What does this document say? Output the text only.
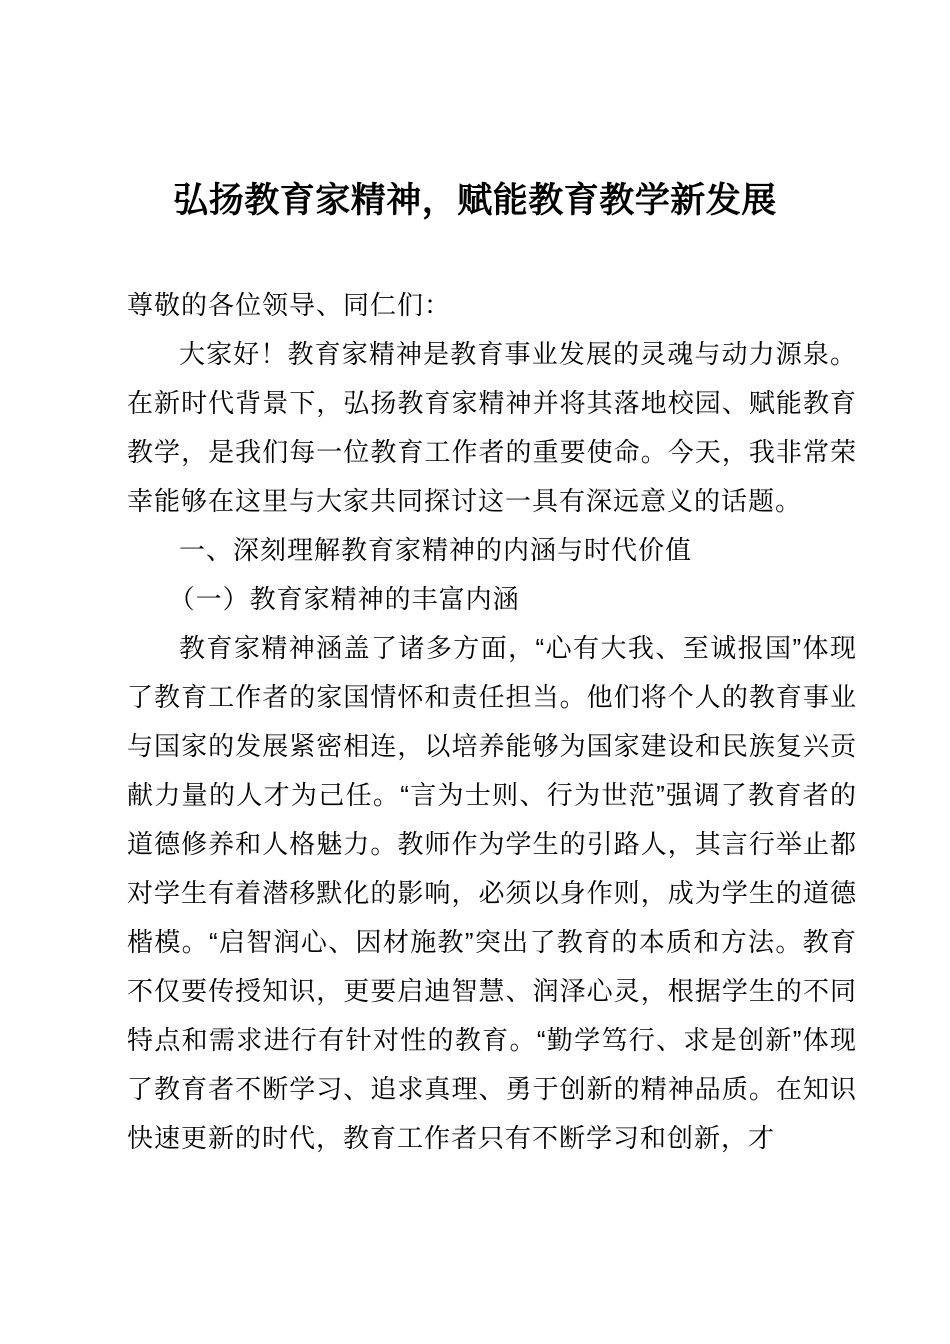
弘扬教育家精神，赋能教育教学新发展

尊敬的各位领导、同仁们：

大家好！教育家精神是教育事业发展的灵魂与动力源泉。在新时代背景下，弘扬教育家精神并将其落地校园、赋能教育教学，是我们每一位教育工作者的重要使命。今天，我非常荣幸能够在这里与大家共同探讨这一具有深远意义的话题。

一、深刻理解教育家精神的内涵与时代价值

（一）教育家精神的丰富内涵

教育家精神涵盖了诸多方面，“心有大我、至诚报国”体现了教育工作者的家国情怀和责任担当。他们将个人的教育事业与国家的发展紧密相连，以培养能够为国家建设和民族复兴贡献力量的人才为己任。“言为士则、行为世范”强调了教育者的道德修养和人格魅力。教师作为学生的引路人，其言行举止都对学生有着潜移默化的影响，必须以身作则，成为学生的道德楷模。“启智润心、因材施教”突出了教育的本质和方法。教育不仅要传授知识，更要启迪智慧、润泽心灵，根据学生的不同特点和需求进行有针对性的教育。“勤学笃行、求是创新”体现了教育者不断学习、追求真理、勇于创新的精神品质。在知识快速更新的时代，教育工作者只有不断学习和创新，才
